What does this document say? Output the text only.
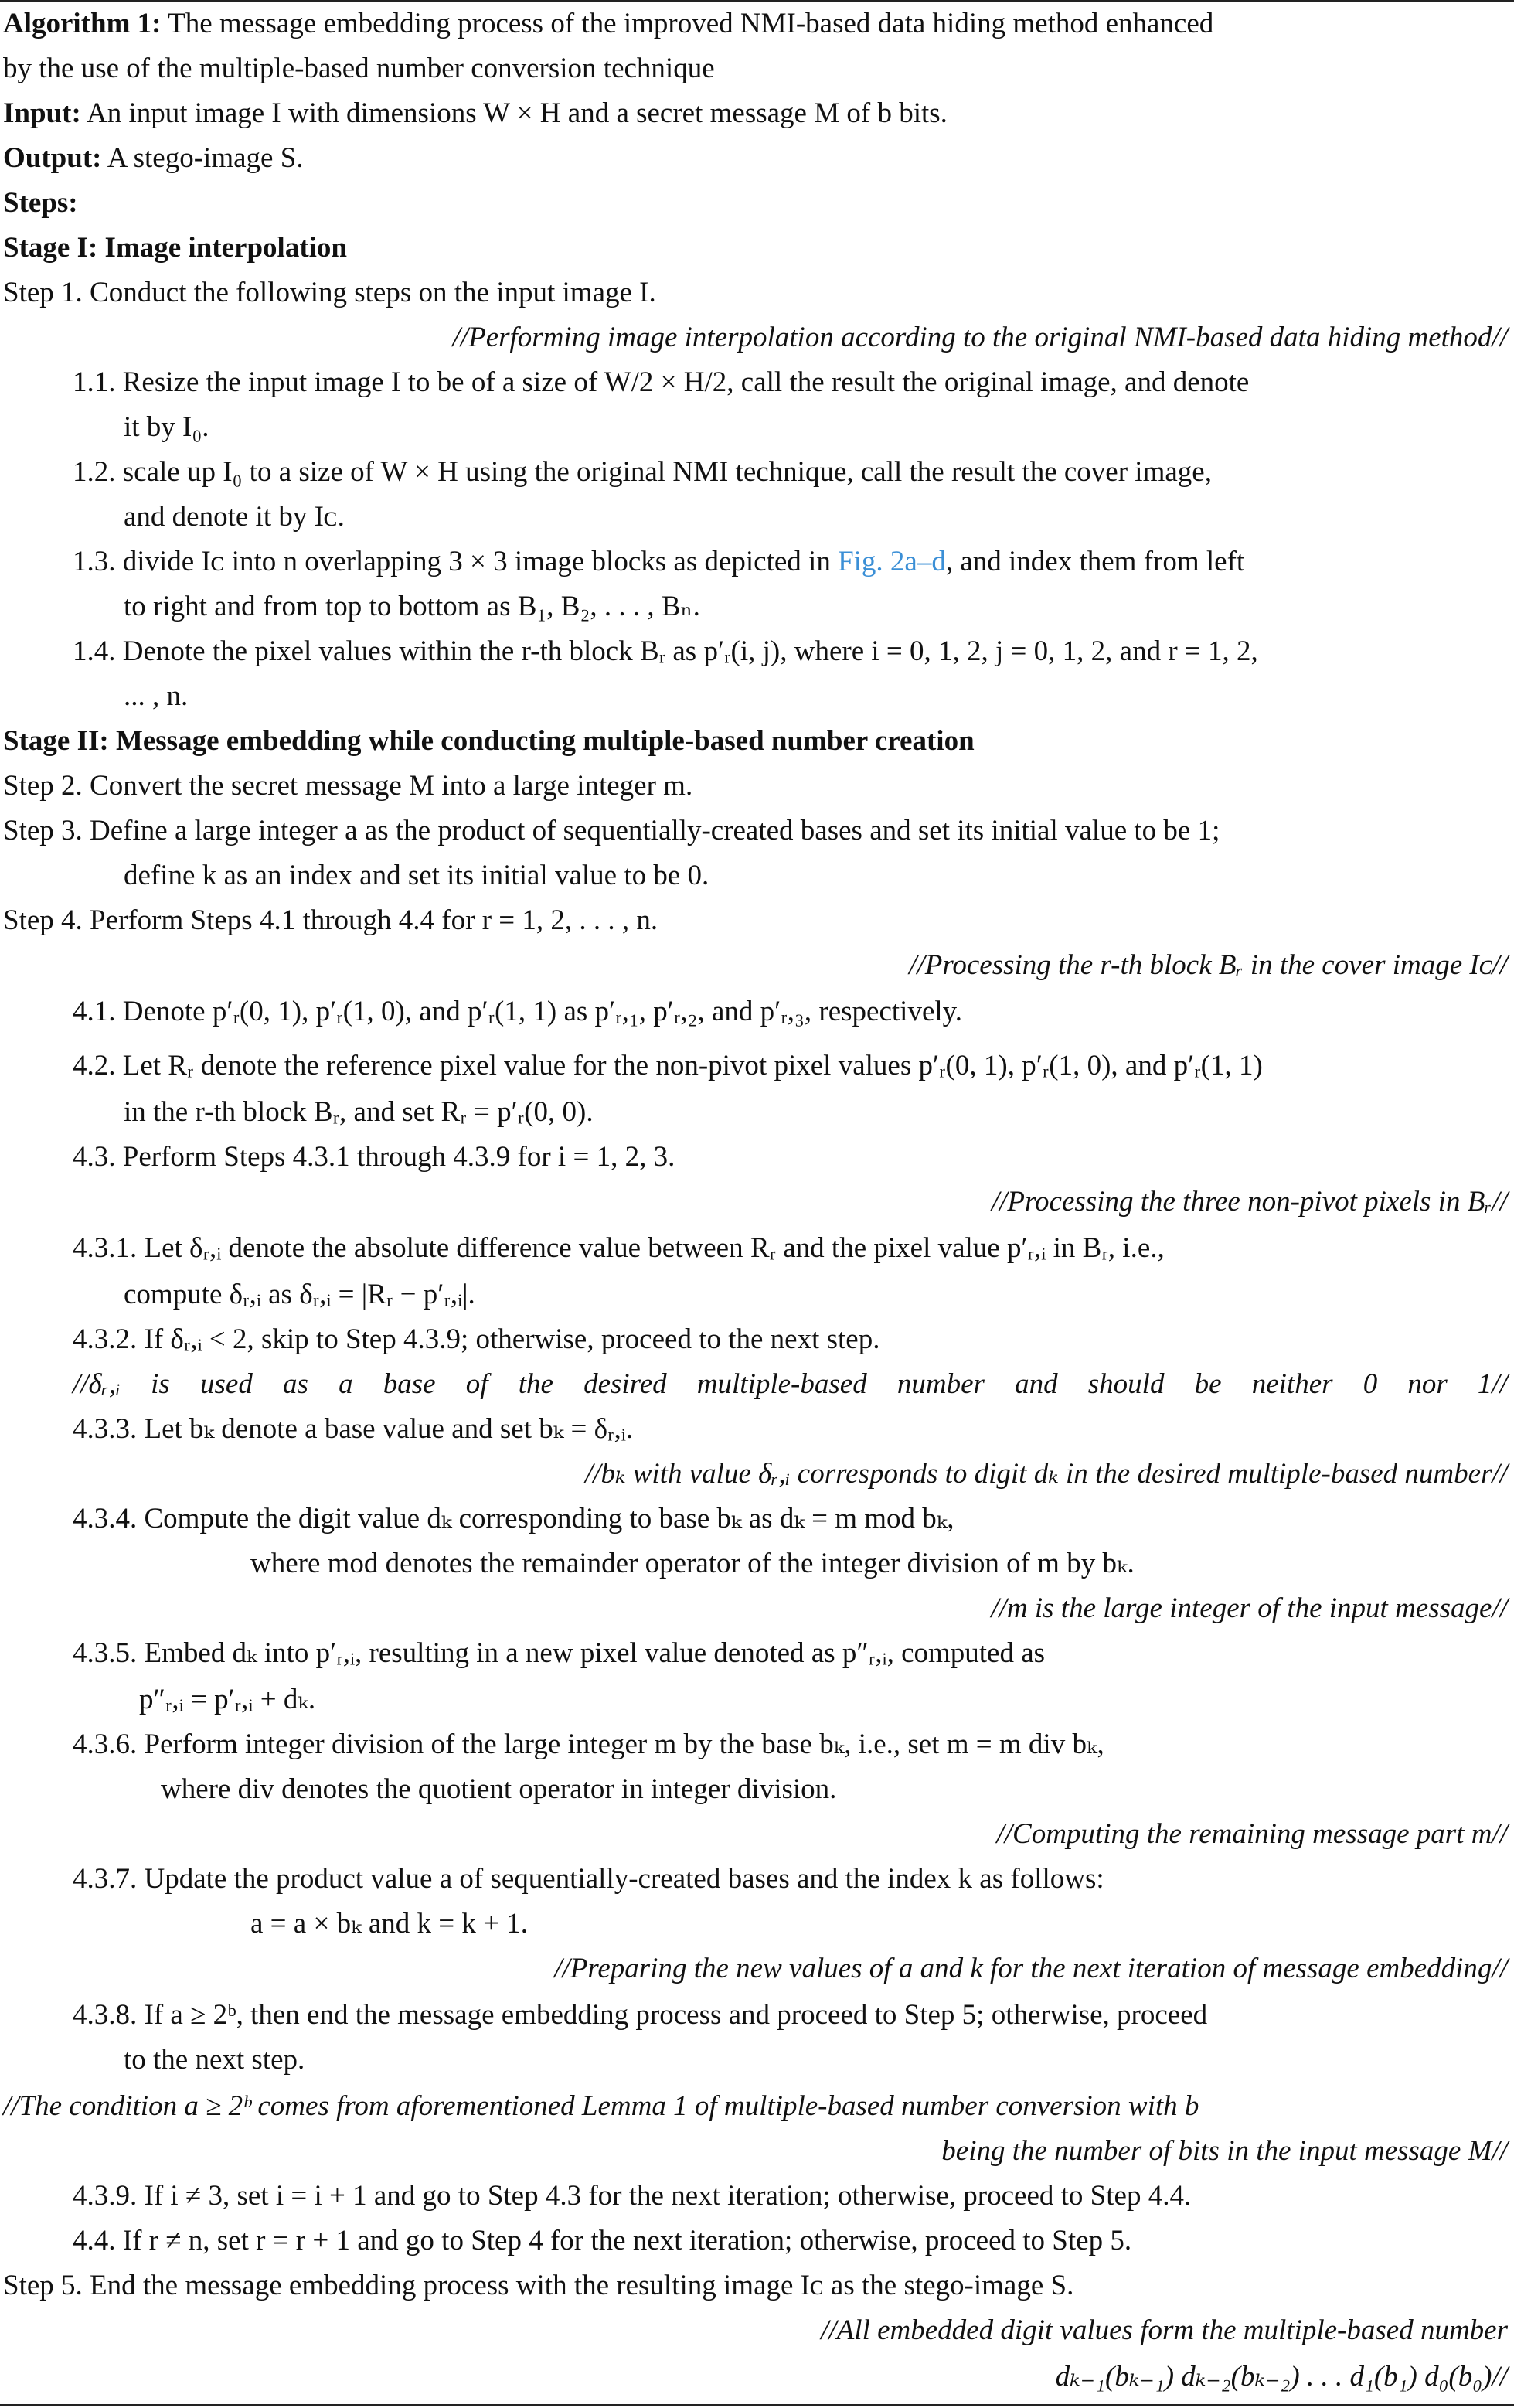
Algorithm 1: The message embedding process of the improved NMI-based data hiding method enhanced
by the use of the multiple-based number conversion technique
Input: An input image I with dimensions W × H and a secret message M of b bits.
Output: A stego-image S.
Steps:
Stage I: Image interpolation
Step 1. Conduct the following steps on the input image I.
//Performing image interpolation according to the original NMI-based data hiding method//
1.1. Resize the input image I to be of a size of W/2 × H/2, call the result the original image, and denote
it by I₀.
1.2. scale up I₀ to a size of W × H using the original NMI technique, call the result the cover image,
and denote it by Iᴄ.
1.3. divide Iᴄ into n overlapping 3 × 3 image blocks as depicted in Fig. 2a–d, and index them from left
to right and from top to bottom as B₁, B₂, . . . , Bₙ.
1.4. Denote the pixel values within the r-th block Bᵣ as p′ᵣ(i, j), where i = 0, 1, 2, j = 0, 1, 2, and r = 1, 2,
... , n.
Stage II: Message embedding while conducting multiple-based number creation
Step 2. Convert the secret message M into a large integer m.
Step 3. Define a large integer a as the product of sequentially-created bases and set its initial value to be 1;
define k as an index and set its initial value to be 0.
Step 4. Perform Steps 4.1 through 4.4 for r = 1, 2, . . . , n.
//Processing the r-th block Bᵣ in the cover image Iᴄ//
4.1. Denote p′ᵣ(0, 1), p′ᵣ(1, 0), and p′ᵣ(1, 1) as p′ᵣ,₁, p′ᵣ,₂, and p′ᵣ,₃, respectively.
4.2. Let Rᵣ denote the reference pixel value for the non-pivot pixel values p′ᵣ(0, 1), p′ᵣ(1, 0), and p′ᵣ(1, 1)
in the r-th block Bᵣ, and set Rᵣ = p′ᵣ(0, 0).
4.3. Perform Steps 4.3.1 through 4.3.9 for i = 1, 2, 3.
//Processing the three non-pivot pixels in Bᵣ//
4.3.1. Let δᵣ,ᵢ denote the absolute difference value between Rᵣ and the pixel value p′ᵣ,ᵢ in Bᵣ, i.e.,
compute δᵣ,ᵢ as δᵣ,ᵢ = |Rᵣ − p′ᵣ,ᵢ|.
4.3.2. If δᵣ,ᵢ < 2, skip to Step 4.3.9; otherwise, proceed to the next step.
//δᵣ,ᵢ is used as a base of the desired multiple-based number and should be neither 0 nor 1//
4.3.3. Let bₖ denote a base value and set bₖ = δᵣ,ᵢ.
//bₖ with value δᵣ,ᵢ corresponds to digit dₖ in the desired multiple-based number//
4.3.4. Compute the digit value dₖ corresponding to base bₖ as dₖ = m mod bₖ,
where mod denotes the remainder operator of the integer division of m by bₖ.
//m is the large integer of the input message//
4.3.5. Embed dₖ into p′ᵣ,ᵢ, resulting in a new pixel value denoted as p″ᵣ,ᵢ, computed as
p″ᵣ,ᵢ = p′ᵣ,ᵢ + dₖ.
4.3.6. Perform integer division of the large integer m by the base bₖ, i.e., set m = m div bₖ,
where div denotes the quotient operator in integer division.
//Computing the remaining message part m//
4.3.7. Update the product value a of sequentially-created bases and the index k as follows:
a = a × bₖ and k = k + 1.
//Preparing the new values of a and k for the next iteration of message embedding//
4.3.8. If a ≥ 2ᵇ, then end the message embedding process and proceed to Step 5; otherwise, proceed
to the next step.
//The condition a ≥ 2ᵇ comes from aforementioned Lemma 1 of multiple-based number conversion with b
being the number of bits in the input message M//
4.3.9. If i ≠ 3, set i = i + 1 and go to Step 4.3 for the next iteration; otherwise, proceed to Step 4.4.
4.4. If r ≠ n, set r = r + 1 and go to Step 4 for the next iteration; otherwise, proceed to Step 5.
Step 5. End the message embedding process with the resulting image Iᴄ as the stego-image S.
//All embedded digit values form the multiple-based number
dₖ₋₁(bₖ₋₁) dₖ₋₂(bₖ₋₂) . . . d₁(b₁) d₀(b₀)//
